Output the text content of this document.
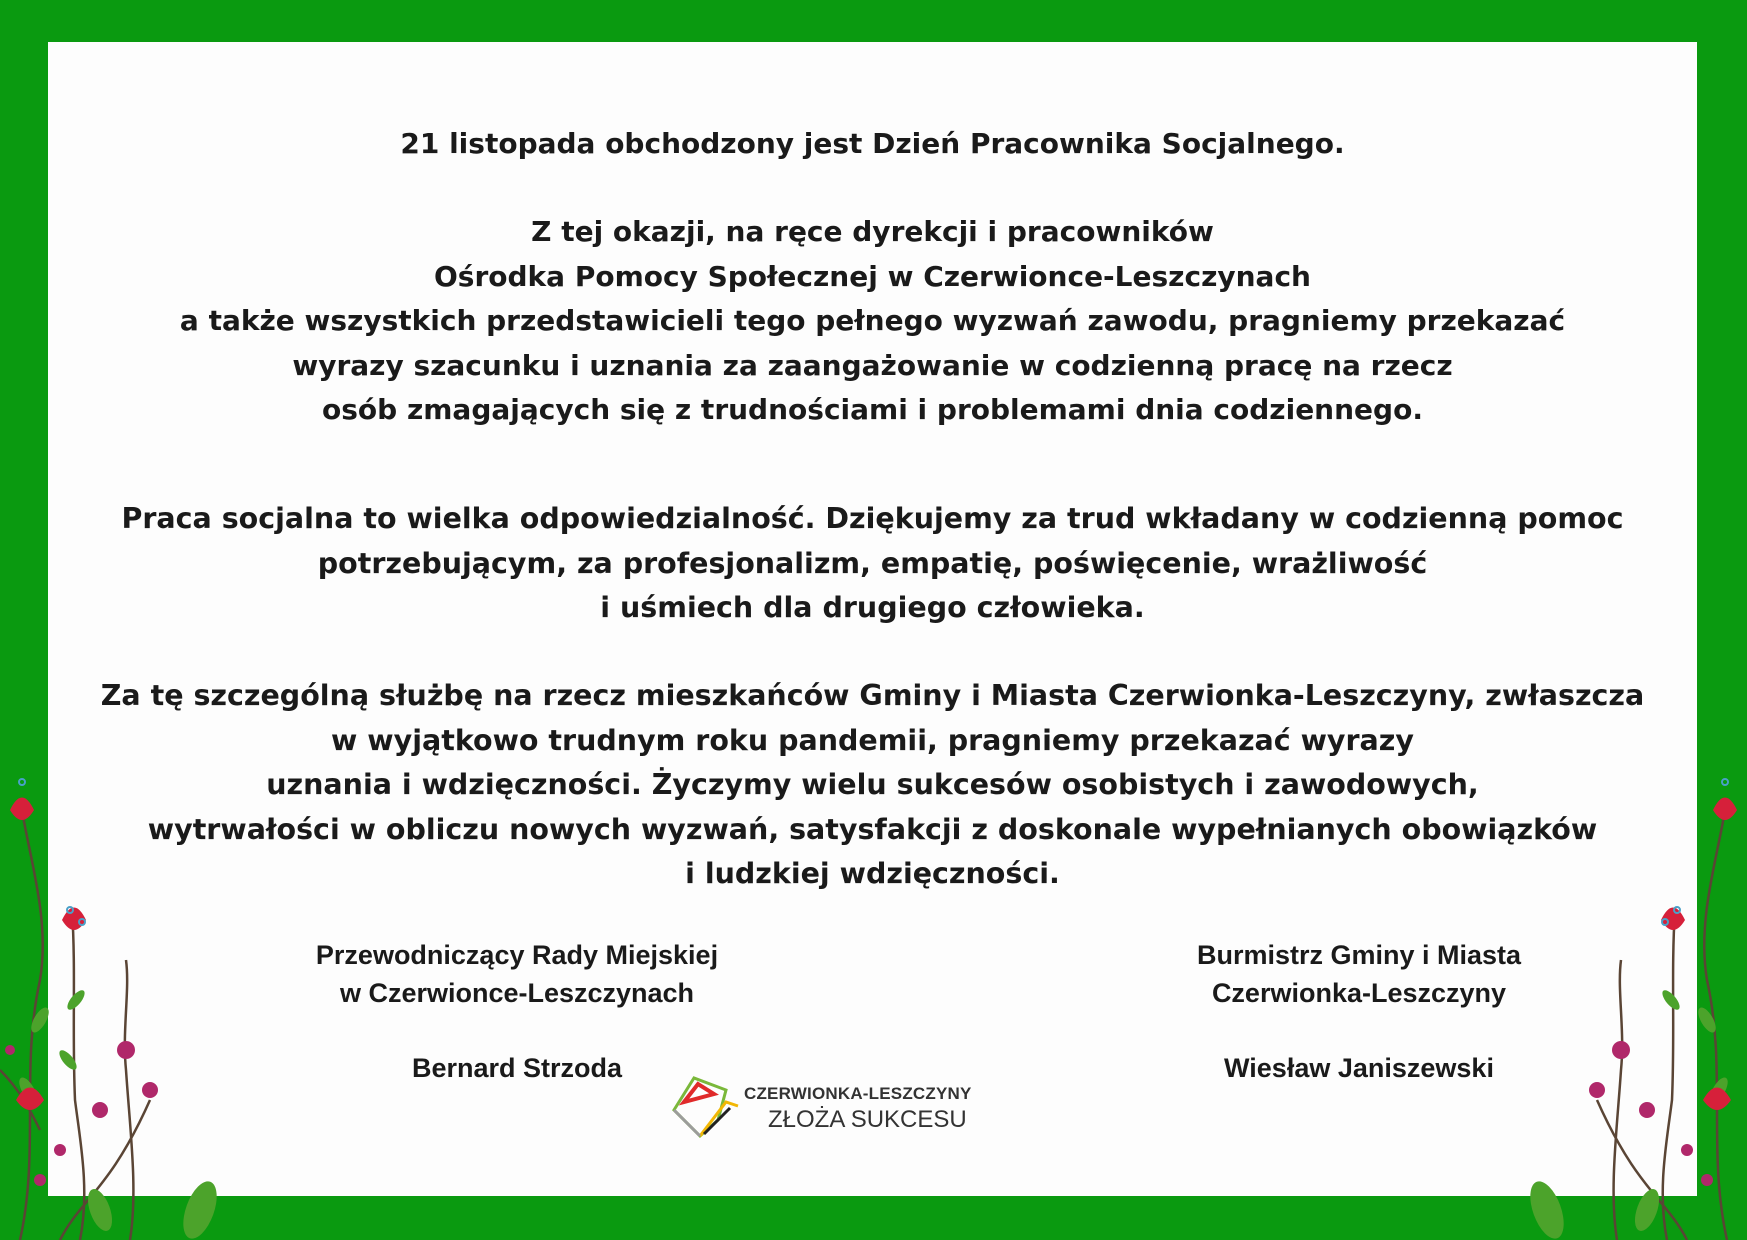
21 listopada obchodzony jest Dzień Pracownika Socjalnego.
Z tej okazji, na ręce dyrekcji i pracowników
Ośrodka Pomocy Społecznej w Czerwionce-Leszczynach
a także wszystkich przedstawicieli tego pełnego wyzwań zawodu, pragniemy przekazać
wyrazy szacunku i uznania za zaangażowanie w codzienną pracę na rzecz
osób zmagających się z trudnościami i problemami dnia codziennego.
Praca socjalna to wielka odpowiedzialność. Dziękujemy za trud wkładany w codzienną pomoc
potrzebującym, za profesjonalizm, empatię, poświęcenie, wrażliwość
i uśmiech dla drugiego człowieka.
Za tę szczególną służbę na rzecz mieszkańców Gminy i Miasta Czerwionka-Leszczyny, zwłaszcza
w wyjątkowo trudnym roku pandemii, pragniemy przekazać wyrazy
uznania i wdzięczności. Życzymy wielu sukcesów osobistych i zawodowych,
wytrwałości w obliczu nowych wyzwań, satysfakcji z doskonale wypełnianych obowiązków
i ludzkiej wdzięczności.
Przewodniczący Rady Miejskiej
w Czerwionce-Leszczynach
Bernard Strzoda
Burmistrz Gminy i Miasta
Czerwionka-Leszczyny
Wiesław Janiszewski
CZERWIONKA-LESZCZYNY
ZŁOŻA SUKCESU
